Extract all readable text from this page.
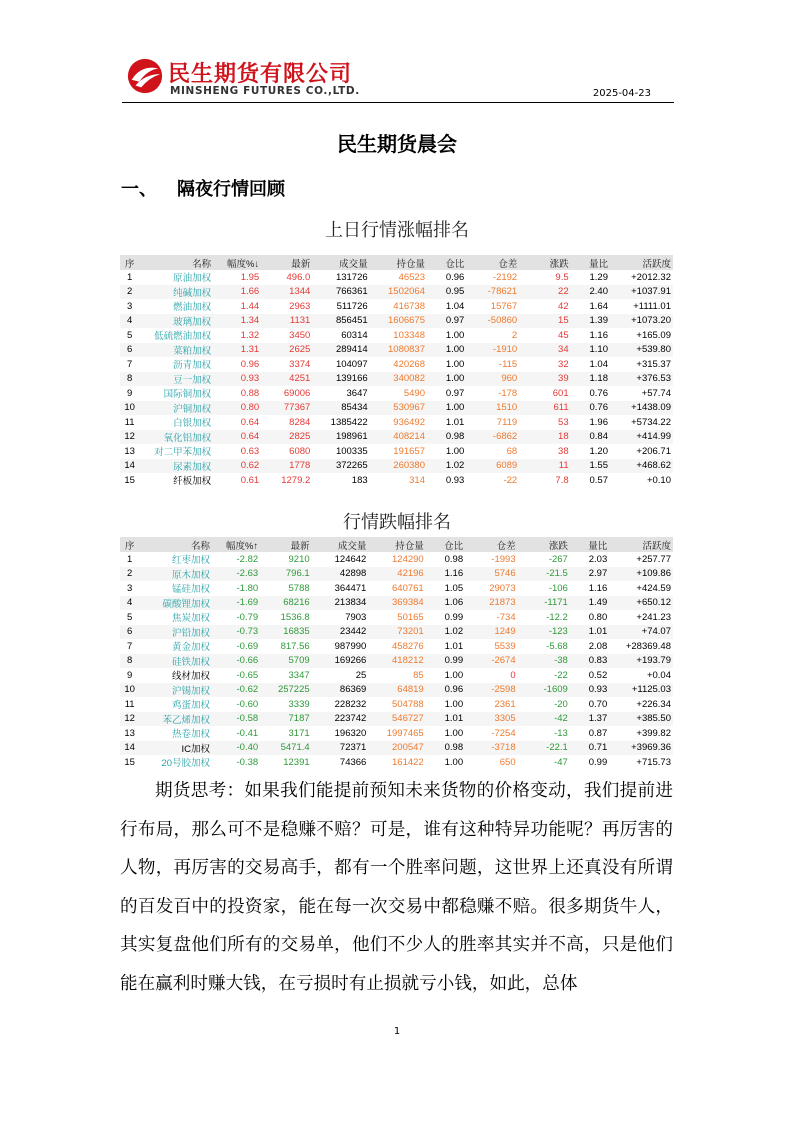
民生期货有限公司
MINSHENG FUTURES CO.,LTD.	2025-04-23
民生期货晨会
一、 隔夜行情回顾
上日行情涨幅排名
序	名称	幅度%↓	最新	成交量	持仓量	仓比	仓差	涨跌	量比	活跃度
1	原油加权	1.95	496.0	131726	46523	0.96	-2192	9.5	1.29	+2012.32
2	纯碱加权	1.66	1344	766361	1502064	0.95	-78621	22	2.40	+1037.91
3	燃油加权	1.44	2963	511726	416738	1.04	15767	42	1.64	+1111.01
4	玻璃加权	1.34	1131	856451	1606675	0.97	-50860	15	1.39	+1073.20
5	低硫燃油加权	1.32	3450	60314	103348	1.00	2	45	1.16	+165.09
6	菜粕加权	1.31	2625	289414	1080837	1.00	-1910	34	1.10	+539.80
7	沥青加权	0.96	3374	104097	420268	1.00	-115	32	1.04	+315.37
8	豆一加权	0.93	4251	139166	340082	1.00	960	39	1.18	+376.53
9	国际铜加权	0.88	69006	3647	5490	0.97	-178	601	0.76	+57.74
10	沪铜加权	0.80	77367	85434	530967	1.00	1510	611	0.76	+1438.09
11	白银加权	0.64	8284	1385422	936492	1.01	7119	53	1.96	+5734.22
12	氧化铝加权	0.64	2825	198961	408214	0.98	-6862	18	0.84	+414.99
13	对二甲苯加权	0.63	6080	100335	191657	1.00	68	38	1.20	+206.71
14	尿素加权	0.62	1778	372265	260380	1.02	6089	11	1.55	+468.62
15	纤板加权	0.61	1279.2	183	314	0.93	-22	7.8	0.57	+0.10
行情跌幅排名
序	名称	幅度%↑	最新	成交量	持仓量	仓比	仓差	涨跌	量比	活跃度
1	红枣加权	-2.82	9210	124642	124290	0.98	-1993	-267	2.03	+257.77
2	原木加权	-2.63	796.1	42898	42196	1.16	5746	-21.5	2.97	+109.86
3	锰硅加权	-1.80	5788	364471	640761	1.05	29073	-106	1.16	+424.59
4	碳酸锂加权	-1.69	68216	213834	369384	1.06	21873	-1171	1.49	+650.12
5	焦炭加权	-0.79	1536.8	7903	50165	0.99	-734	-12.2	0.80	+241.23
6	沪铅加权	-0.73	16835	23442	73201	1.02	1249	-123	1.01	+74.07
7	黄金加权	-0.69	817.56	987990	458276	1.01	5539	-5.68	2.08	+28369.48
8	硅铁加权	-0.66	5709	169266	418212	0.99	-2674	-38	0.83	+193.79
9	线材加权	-0.65	3347	25	85	1.00	0	-22	0.52	+0.04
10	沪锡加权	-0.62	257225	86369	64819	0.96	-2598	-1609	0.93	+1125.03
11	鸡蛋加权	-0.60	3339	228232	504788	1.00	2361	-20	0.70	+226.34
12	苯乙烯加权	-0.58	7187	223742	546727	1.01	3305	-42	1.37	+385.50
13	热卷加权	-0.41	3171	196320	1997465	1.00	-7254	-13	0.87	+399.82
14	IC加权	-0.40	5471.4	72371	200547	0.98	-3718	-22.1	0.71	+3969.36
15	20号胶加权	-0.38	12391	74366	161422	1.00	650	-47	0.99	+715.73
期货思考：如果我们能提前预知未来货物的价格变动，我们提前进行布局，那么可不是稳赚不赔？可是，谁有这种特异功能呢？再厉害的人物，再厉害的交易高手，都有一个胜率问题，这世界上还真没有所谓的百发百中的投资家，能在每一次交易中都稳赚不赔。很多期货牛人，其实复盘他们所有的交易单，他们不少人的胜率其实并不高，只是他们能在赢利时赚大钱，在亏损时有止损就亏小钱，如此，总体
1
